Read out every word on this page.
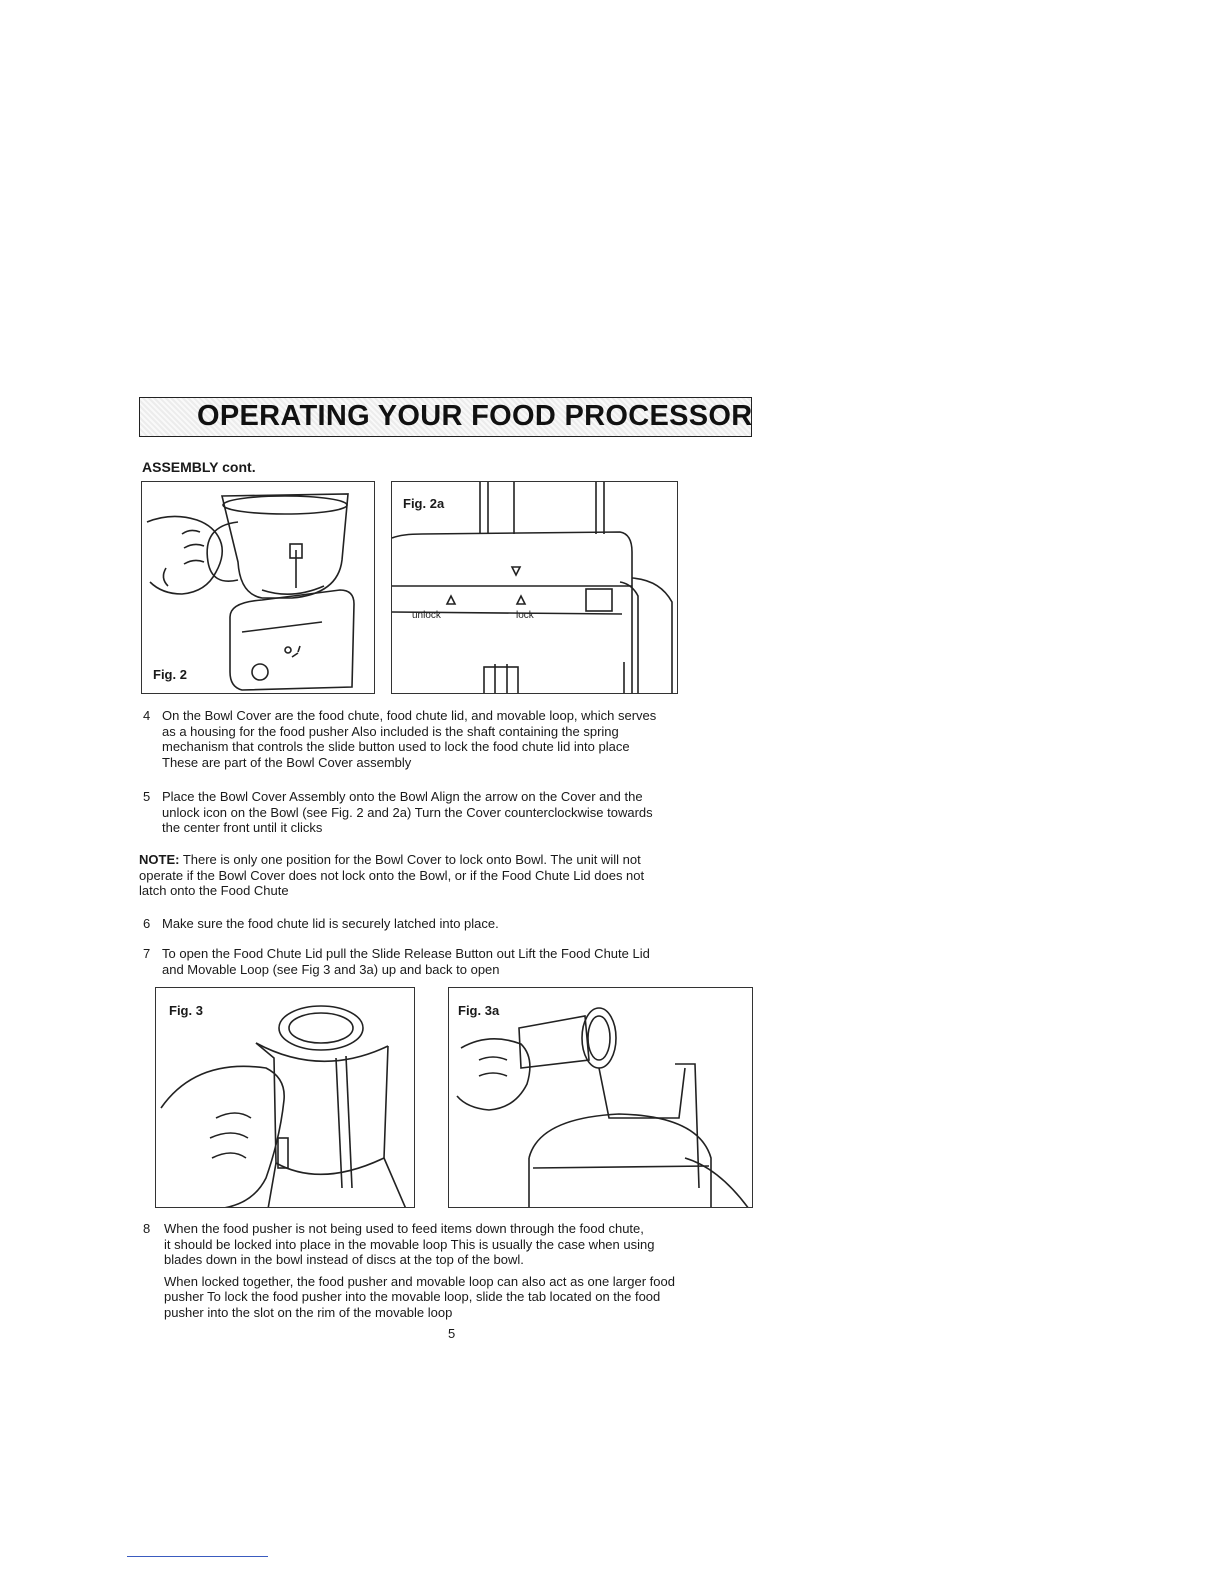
OPERATING YOUR FOOD PROCESSOR
ASSEMBLY cont.
Fig. 2
unlock	lock
Fig. 2a
4 On the Bowl Cover are the food chute, food chute lid, and movable loop, which serves
as a housing for the food pusher Also included is the shaft containing the spring
mechanism that controls the slide button used to lock the food chute lid into place
These are part of the Bowl Cover assembly
5 Place the Bowl Cover Assembly onto the Bowl Align the arrow on the Cover and the
unlock icon on the Bowl (see Fig. 2 and 2a) Turn the Cover counterclockwise towards
the center front until it clicks
NOTE: There is only one position for the Bowl Cover to lock onto Bowl. The unit will not
operate if the Bowl Cover does not lock onto the Bowl, or if the Food Chute Lid does not
latch onto the Food Chute
6 Make sure the food chute lid is securely latched into place.
7 To open the Food Chute Lid pull the Slide Release Button out Lift the Food Chute Lid
and Movable Loop (see Fig 3 and 3a) up and back to open
Fig. 3	Fig. 3a
8 When the food pusher is not being used to feed items down through the food chute,
it should be locked into place in the movable loop This is usually the case when using
blades down in the bowl instead of discs at the top of the bowl.
When locked together, the food pusher and movable loop can also act as one larger food
pusher To lock the food pusher into the movable loop, slide the tab located on the food
pusher into the slot on the rim of the movable loop
5
